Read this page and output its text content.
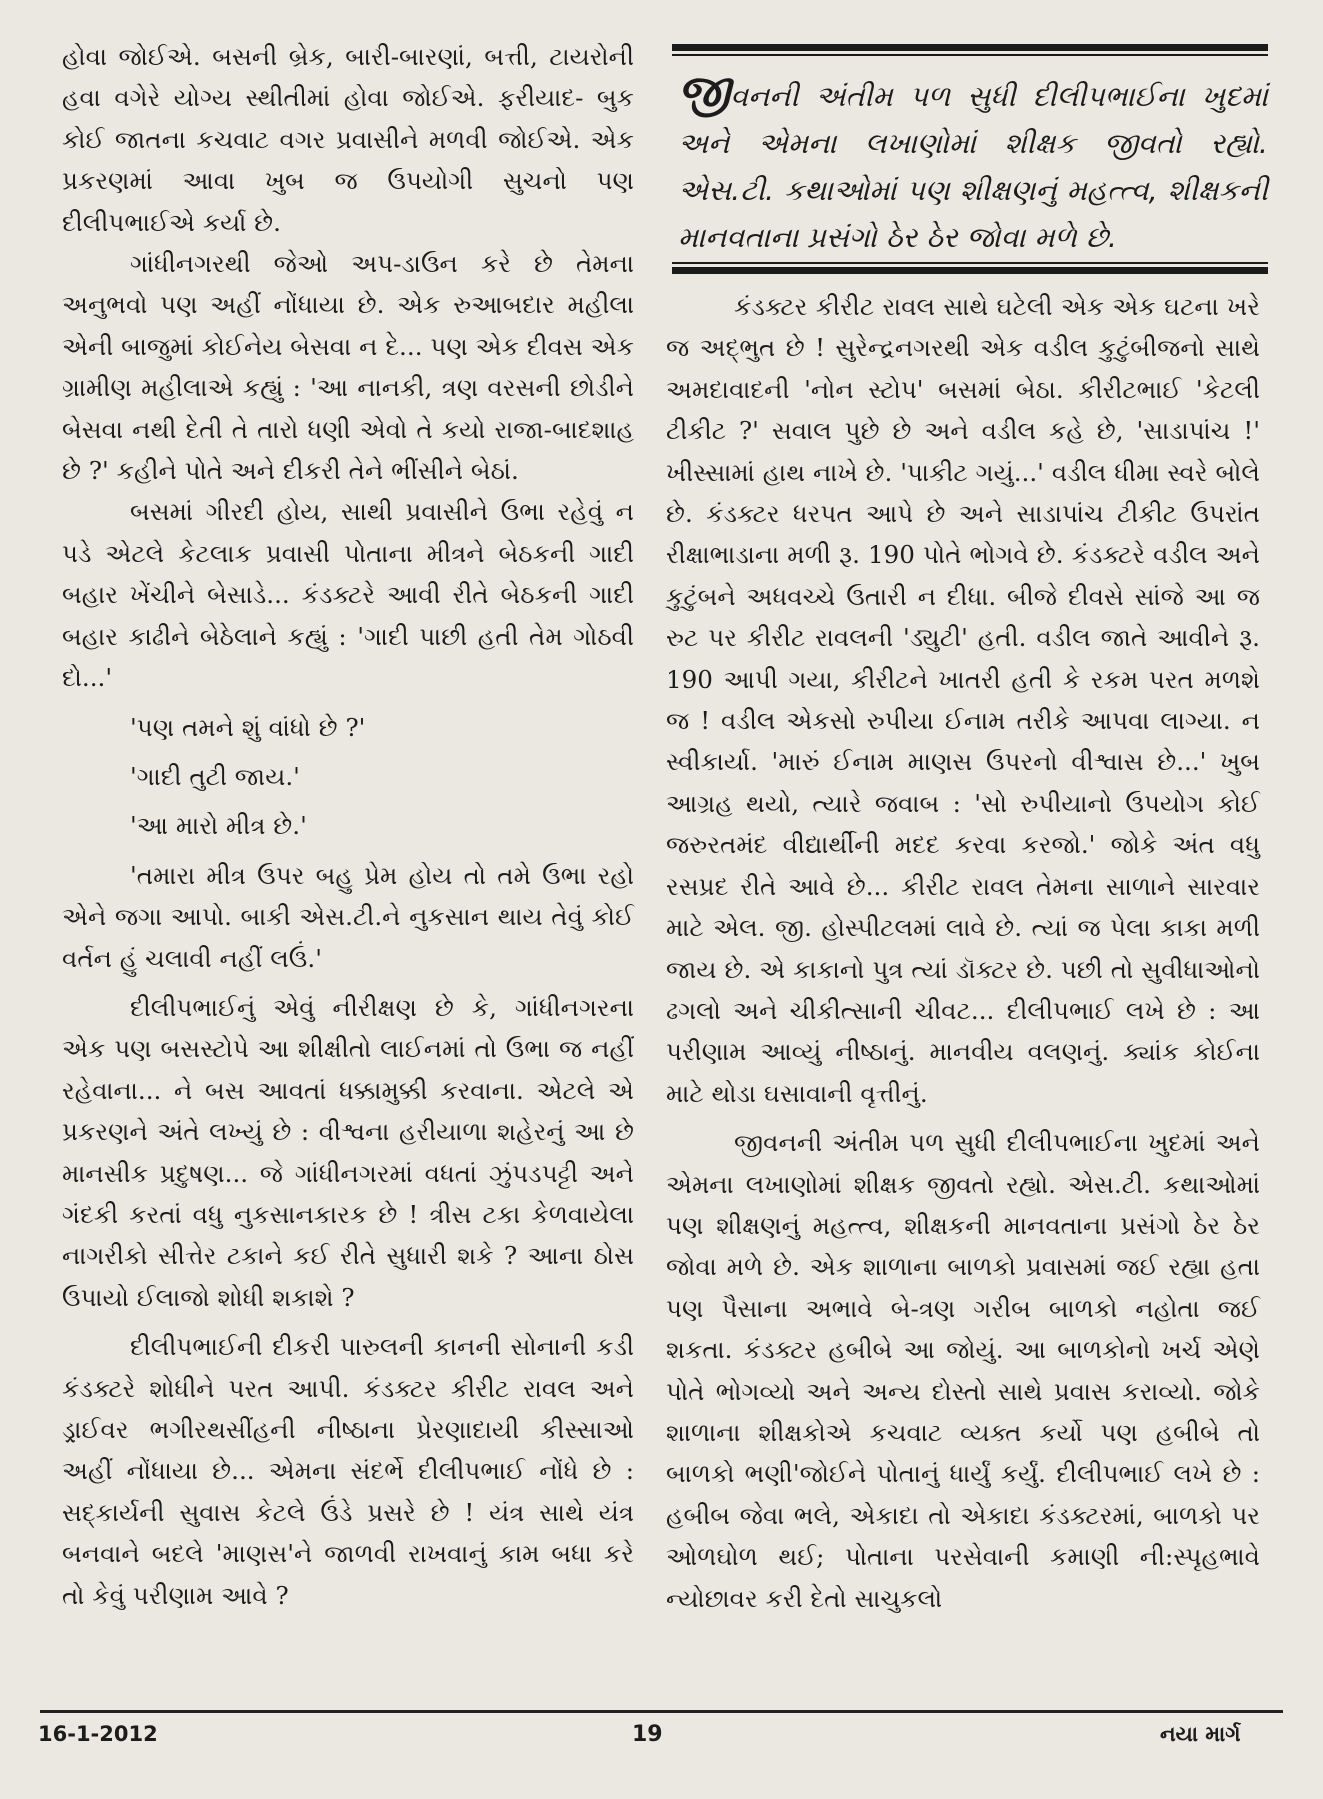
હોવા જોઈએ. બસની બ્રેક, બારી-બારણાં, બત્તી, ટાયરોની હવા વગેરે યોગ્ય સ્થીતીમાં હોવા જોઈએ. ફરીયાદ- બુક કોઈ જાતના કચવાટ વગર પ્રવાસીને મળવી જોઈએ. એક પ્રકરણમાં આવા ખુબ જ ઉપયોગી સુચનો પણ દીલીપભાઈએ કર્યા છે.

ગાંધીનગરથી જેઓ અપ-ડાઉન કરે છે તેમના અનુભવો પણ અહીં નોંધાયા છે. એક રુઆબદાર મહીલા એની બાજુમાં કોઈનેય બેસવા ન દે... પણ એક દીવસ એક ગ્રામીણ મહીલાએ કહ્યું : 'આ નાનકી, ત્રણ વરસની છોડીને બેસવા નથી દેતી તે તારો ધણી એવો તે કયો રાજા-બાદશાહ છે ?' કહીને પોતે અને દીકરી તેને ભીંસીને બેઠાં.

બસમાં ગીરદી હોય, સાથી પ્રવાસીને ઉભા રહેવું ન પડે એટલે કેટલાક પ્રવાસી પોતાના મીત્રને બેઠકની ગાદી બહાર ખેંચીને બેસાડે... કંડક્ટરે આવી રીતે બેઠકની ગાદી બહાર કાઢીને બેઠેલાને કહ્યું : 'ગાદી પાછી હતી તેમ ગોઠવી દો...'

'પણ તમને શું વાંધો છે ?'

'ગાદી તુટી જાય.'

'આ મારો મીત્ર છે.'

'તમારા મીત્ર ઉપર બહુ પ્રેમ હોય તો તમે ઉભા રહો એને જગા આપો. બાકી એસ.ટી.ને નુકસાન થાય તેવું કોઈ વર્તન હું ચલાવી નહીં લઉં.'

દીલીપભાઈનું એવું નીરીક્ષણ છે કે, ગાંધીનગરના એક પણ બસસ્ટોપે આ શીક્ષીતો લાઈનમાં તો ઉભા જ નહીં રહેવાના... ને બસ આવતાં ધક્કામુક્કી કરવાના. એટલે એ પ્રકરણને અંતે લખ્યું છે : વીશ્વના હરીયાળા શહેરનું આ છે માનસીક પ્રદુષણ... જે ગાંધીનગરમાં વધતાં ઝુંપડપટ્ટી અને ગંદકી કરતાં વધુ નુકસાનકારક છે ! ત્રીસ ટકા કેળવાયેલા નાગરીકો સીત્તેર ટકાને કઈ રીતે સુધારી શકે ? આના ઠોસ ઉપાયો ઈલાજો શોધી શકાશે ?

દીલીપભાઈની દીકરી પારુલની કાનની સોનાની કડી કંડક્ટરે શોધીને પરત આપી. કંડક્ટર કીરીટ રાવલ અને ડ્રાઈવર ભગીરથસીંહની નીષ્ઠાના પ્રેરણાદાયી કીસ્સાઓ અહીં નોંધાયા છે... એમના સંદર્ભે દીલીપભાઈ નોંધે છે : સદ્કાર્યની સુવાસ કેટલે ઉંડે પ્રસરે છે ! યંત્ર સાથે યંત્ર બનવાને બદલે 'માણસ'ને જાળવી રાખવાનું કામ બધા કરે તો કેવું પરીણામ આવે ?

જીવનની અંતીમ પળ સુધી દીલીપભાઈના ખુદમાં અને એમના લખાણોમાં શીક્ષક જીવતો રહ્યો. એસ.ટી. કથાઓમાં પણ શીક્ષણનું મહત્ત્વ, શીક્ષકની માનવતાના પ્રસંગો ઠેર ઠેર જોવા મળે છે.

કંડક્ટર કીરીટ રાવલ સાથે ઘટેલી એક એક ઘટના ખરે જ અદ્ભુત છે ! સુરેન્દ્રનગરથી એક વડીલ કુટુંબીજનો સાથે અમદાવાદની 'નોન સ્ટોપ' બસમાં બેઠા. કીરીટભાઈ 'કેટલી ટીકીટ ?' સવાલ પુછે છે અને વડીલ કહે છે, 'સાડાપાંચ !' ખીસ્સામાં હાથ નાખે છે. 'પાકીટ ગયું...' વડીલ ધીમા સ્વરે બોલે છે. કંડક્ટર ધરપત આપે છે અને સાડાપાંચ ટીકીટ ઉપરાંત રીક્ષાભાડાના મળી રૂ. 190 પોતે ભોગવે છે. કંડક્ટરે વડીલ અને કુટુંબને અધવચ્ચે ઉતારી ન દીધા. બીજે દીવસે સાંજે આ જ રુટ પર કીરીટ રાવલની 'ડ્યુટી' હતી. વડીલ જાતે આવીને રૂ. 190 આપી ગયા, કીરીટને ખાતરી હતી કે રકમ પરત મળશે જ ! વડીલ એકસો રુપીયા ઈનામ તરીકે આપવા લાગ્યા. ન સ્વીકાર્યા. 'મારું ઈનામ માણસ ઉપરનો વીશ્વાસ છે...' ખુબ આગ્રહ થયો, ત્યારે જવાબ : 'સો રુપીયાનો ઉપયોગ કોઈ જરુરતમંદ વીદ્યાર્થીની મદદ કરવા કરજો.' જોકે અંત વધુ રસપ્રદ રીતે આવે છે... કીરીટ રાવલ તેમના સાળાને સારવાર માટે એલ. જી. હોસ્પીટલમાં લાવે છે. ત્યાં જ પેલા કાકા મળી જાય છે. એ કાકાનો પુત્ર ત્યાં ડૉક્ટર છે. પછી તો સુવીધાઓનો ઢગલો અને ચીકીત્સાની ચીવટ... દીલીપભાઈ લખે છે : આ પરીણામ આવ્યું નીષ્ઠાનું. માનવીય વલણનું. ક્યાંક કોઈના માટે થોડા ઘસાવાની વૃત્તીનું.

જીવનની અંતીમ પળ સુધી દીલીપભાઈના ખુદમાં અને એમના લખાણોમાં શીક્ષક જીવતો રહ્યો. એસ.ટી. કથાઓમાં પણ શીક્ષણનું મહત્ત્વ, શીક્ષકની માનવતાના પ્રસંગો ઠેર ઠેર જોવા મળે છે. એક શાળાના બાળકો પ્રવાસમાં જઈ રહ્યા હતા પણ પૈસાના અભાવે બે-ત્રણ ગરીબ બાળકો નહોતા જઈ શકતા. કંડક્ટર હબીબે આ જોયું. આ બાળકોનો ખર્ચ એણે પોતે ભોગવ્યો અને અન્ય દોસ્તો સાથે પ્રવાસ કરાવ્યો. જોકે શાળાના શીક્ષકોએ કચવાટ વ્યક્ત કર્યો પણ હબીબે તો બાળકો ભણી'જોઈને પોતાનું ધાર્યું કર્યું. દીલીપભાઈ લખે છે : હબીબ જેવા ભલે, એકાદા તો એકાદા કંડક્ટરમાં, બાળકો પર ઓળઘોળ થઈ; પોતાના પરસેવાની કમાણી ની:સ્પૃહભાવે ન્યોછાવર કરી દેતો સાચુકલો

16-1-2012	19	નયા માર્ગ
